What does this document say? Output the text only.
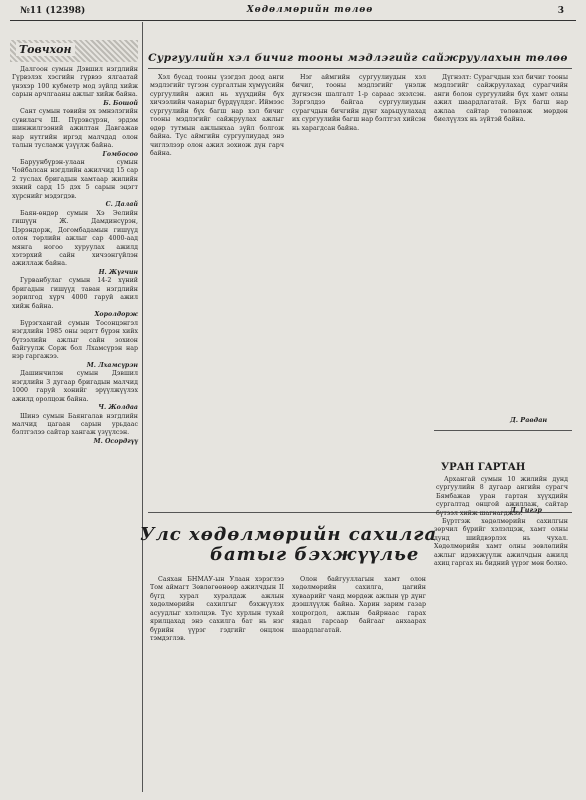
№11 (12398)	Хөдөлмөрийн төлөө	3
Товчхон

Далгоон сумын Дэвшил нэгдлийн Гүрвэлэх хэсгийн гүрвээ ялгаатай үнэхэр 100 кубметр мод зүйлд хийж сарын арчлгааны ажлыг хийж байна.

Б. Бошой

Сант сумын төвийн эх эмнэлэгийн сувилагч Ш. Пүрэвсүрэн, эрдэм шинжилгээний ажилтан Давгажав нар нутгийн иргэд малчдад олон талын тусламж үзүүлж байна.

Гомбосоо

Баруунбүрэн-улаан сумын Чойбалсан нэгдлийн ажилчид 15 сар 2 туслах бригадын хамтаар жилийн эхний сард 15 дэх 5 сарын эцэгт хүрснийг мэдэгдэв.

С. Далай

Баян-өндөр сумын Хэ Эелийн гишүүн Ж. Дамдинсүрэн, Цэрэндорж, Догомбадамын гишүүд олон төрлийн ажлыг сар 4000-аад мянга ногоо хуруулах ажилд хэтэрхий сайн хичээнгүйлэн ажиллаж байна.

Н. Жүгчин

Гурванбулаг сумын 14-2 хүний бригадын гишүүд таван нэгдлийн зорилгод хүрч 4000 гаруй ажил хийж байна.

Хоролдорж

Бүрэгхангай сумын Тосонцэнгэл нэгдлийн 1985 оны эцэгт бүрэн хийх бүтээлийн ажлыг сайн зохион байгуулж Сорж бол Лхамсүрэн нар нэр гаргажээ.

М. Лхамсүрэн

Дашинчилэн сумын Дэвшил нэгдлийн 3 дугаар бригадын малчид 1000 гаруй хонийг эрүүлжүүлэх ажилд оролцож байна.

Ч. Жолдаа

Шинэ сумын Баянгалав нэгдлийн малчид цагаан сарын урьдаас бэлтгэлээ сайтар хангаж үзүүлсэн.

М. Осордгүү
Сургуулийн хэл бичиг тооны мэдлэгийг сайжруулахын төлөө

Хэл бусад тооны үзэгдэл доод анги мэдлэгийг түгээн сургалтын хүмүүсийн сургуулийн ажил нь хүүхдийн бүх хичээлийн чанарыг бүрдүүлдэг. Иймээс сургуулийн бүх багш нар хэл бичиг тооны мэдлэгийг сайжруулах ажлыг өдөр тутмын ажлынхаа зүйл болгож байна. Тус аймгийн сургуулиудад энэ чиглэлээр олон ажил зохиож дүн гарч байна.

Нэг аймгийн сургуулиудын хэл бичиг, тооны мэдлэгийг үнэлж дүгнэсэн шалгалт 1-р сараас эхэлсэн. Зэргэлдээ байгаа сургуулиудын сурагчдын бичгийн дүнг харьцуулахад их сургуулийн багш нар бэлтгэл хийсэн нь харагдсан байна.

Дүгнэлт: Сурагчдын хэл бичиг тооны мэдлэгийг сайжруулахад сурагчийн анги болон сургуулийн бүх хамт олны ажил шаардлагатай. Бүх багш нар ажлаа сайтар төлөвлөж мөрдөн биелүүлэх нь зүйтэй байна.

Д. Равдан
УРАН ГАРТАН

Архангай сумын 10 жилийн дунд сургуулийн 8 дугаар ангийн сурагч Бямбажав уран гартан хүүхдийн сургалтад онцгой ажиллаж, сайтар бүтээл хийж шагнагджээ.

Д. Гигэр
Улс хөдөлмөрийн сахилга
батыг бэхжүүлье

Саяхан БНМАУ-ын Улаан хэрэглээ Том аймагт Зөвлөгөөнөөр ажилчдын II бүгд хурал хуралдаж ажлын хөдөлмөрийн сахилгыг бэхжүүлэх асуудлыг хэлэлцэв. Тус хурлын тухай ярилцахад энэ сахилга бат нь нэг бүрийн үүрэг гэдгийг онцлон тэмдэглэв.

Олон байгууллагын хамт олон хөдөлмөрийн сахилга, цагийн хуваарийг чанд мөрдөж ажлын үр дүнг дээшлүүлж байна. Харин зарим газар хоцрогдол, ажлын байрнаас гарах явдал гарсаар байгааг анхаарах шаардлагатай.

Бүртгэж хөдөлмөрийн сахилгын зөрчил бүрийг хэлэлцэж, хамт олны дунд шийдвэрлэх нь чухал. Хөдөлмөрийн хамт олны зөвлөлийн ажлыг идэвхжүүлж ажилчдын ажилд ахиц гаргах нь бидний үүрэг мөн болно.
